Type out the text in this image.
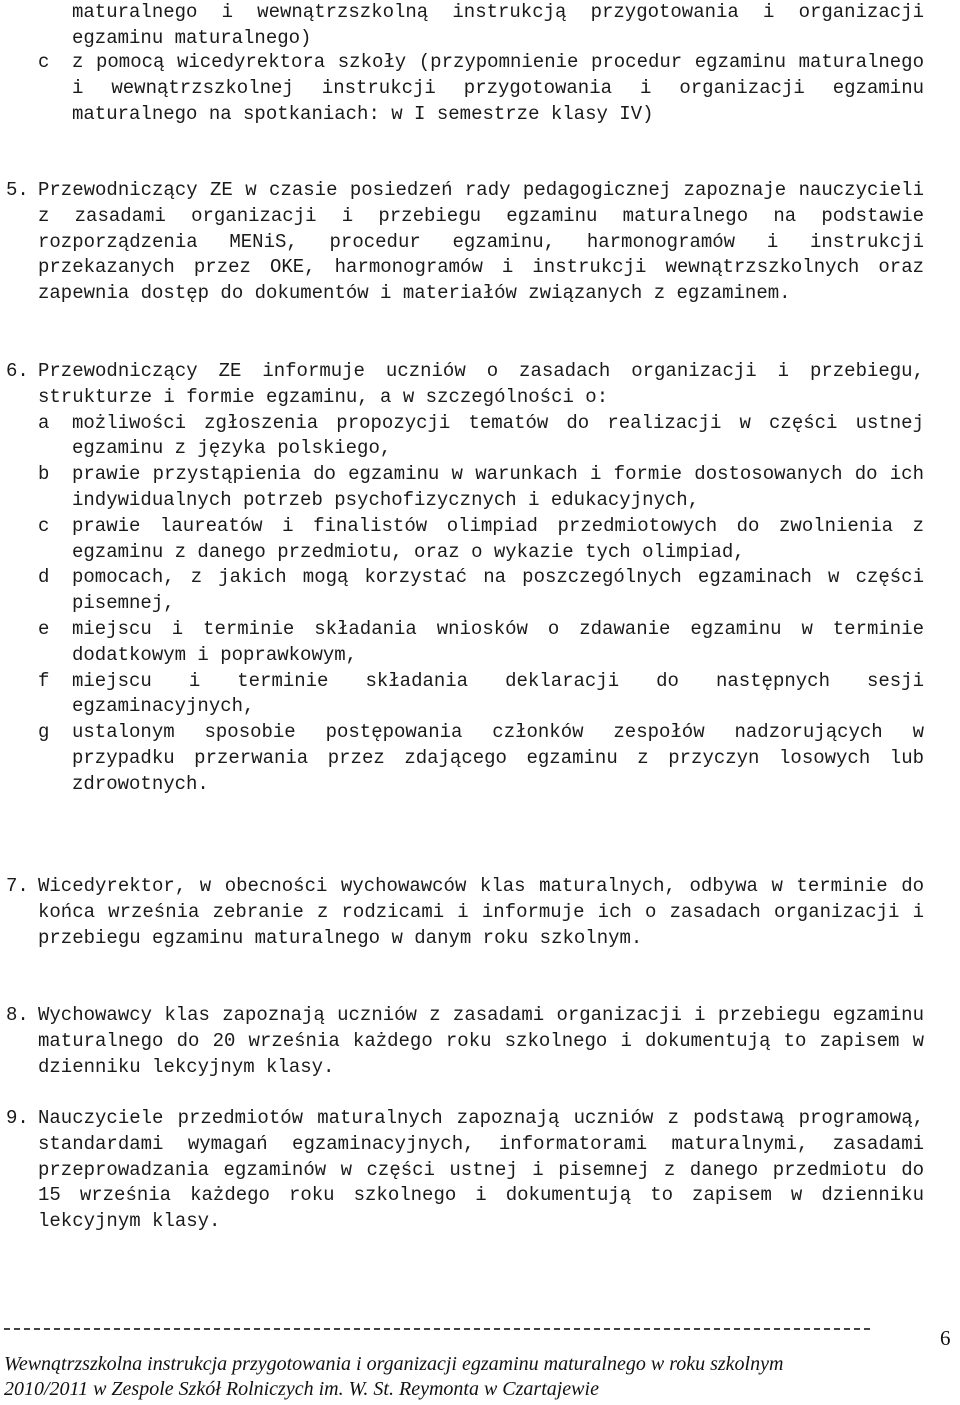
maturalnego i wewnątrzszkolną instrukcją przygotowania i organizacji egzaminu maturalnego)
c z pomocą wicedyrektora szkoły (przypomnienie procedur egzaminu maturalnego i wewnątrzszkolnej instrukcji przygotowania i organizacji egzaminu maturalnego na spotkaniach: w I semestrze klasy IV)
5. Przewodniczący ZE w czasie posiedzeń rady pedagogicznej zapoznaje nauczycieli z zasadami organizacji i przebiegu egzaminu maturalnego na podstawie rozporządzenia MENiS, procedur egzaminu, harmonogramów i instrukcji przekazanych przez OKE, harmonogramów i instrukcji wewnątrzszkolnych oraz zapewnia dostęp do dokumentów i materiałów związanych z egzaminem.
6. Przewodniczący ZE informuje uczniów o zasadach organizacji i przebiegu, strukturze i formie egzaminu, a w szczególności o:
a możliwości zgłoszenia propozycji tematów do realizacji w części ustnej egzaminu z języka polskiego,
b prawie przystąpienia do egzaminu w warunkach i formie dostosowanych do ich indywidualnych potrzeb psychofizycznych i edukacyjnych,
c prawie laureatów i finalistów olimpiad przedmiotowych do zwolnienia z egzaminu z danego przedmiotu, oraz o wykazie tych olimpiad,
d pomocach, z jakich mogą korzystać na poszczególnych egzaminach w części pisemnej,
e miejscu i terminie składania wniosków o zdawanie egzaminu w terminie dodatkowym i poprawkowym,
f miejscu i terminie składania deklaracji do następnych sesji egzaminacyjnych,
g ustalonym sposobie postępowania członków zespołów nadzorujących w przypadku przerwania przez zdającego egzaminu z przyczyn losowych lub zdrowotnych.
7. Wicedyrektor, w obecności wychowawców klas maturalnych, odbywa w terminie do końca września zebranie z rodzicami i informuje ich o zasadach organizacji i przebiegu egzaminu maturalnego w danym roku szkolnym.
8. Wychowawcy klas zapoznają uczniów z zasadami organizacji i przebiegu egzaminu maturalnego do 20 września każdego roku szkolnego i dokumentują to zapisem w dzienniku lekcyjnym klasy.
9. Nauczyciele przedmiotów maturalnych zapoznają uczniów z podstawą programową, standardami wymagań egzaminacyjnych, informatorami maturalnymi, zasadami przeprowadzania egzaminów w części ustnej i pisemnej z danego przedmiotu do 15 września każdego roku szkolnego i dokumentują to zapisem w dzienniku lekcyjnym klasy.
6
Wewnątrzszkolna instrukcja przygotowania i organizacji egzaminu maturalnego w roku szkolnym
2010/2011 w Zespole Szkół Rolniczych im. W. St. Reymonta w Czartajewie
